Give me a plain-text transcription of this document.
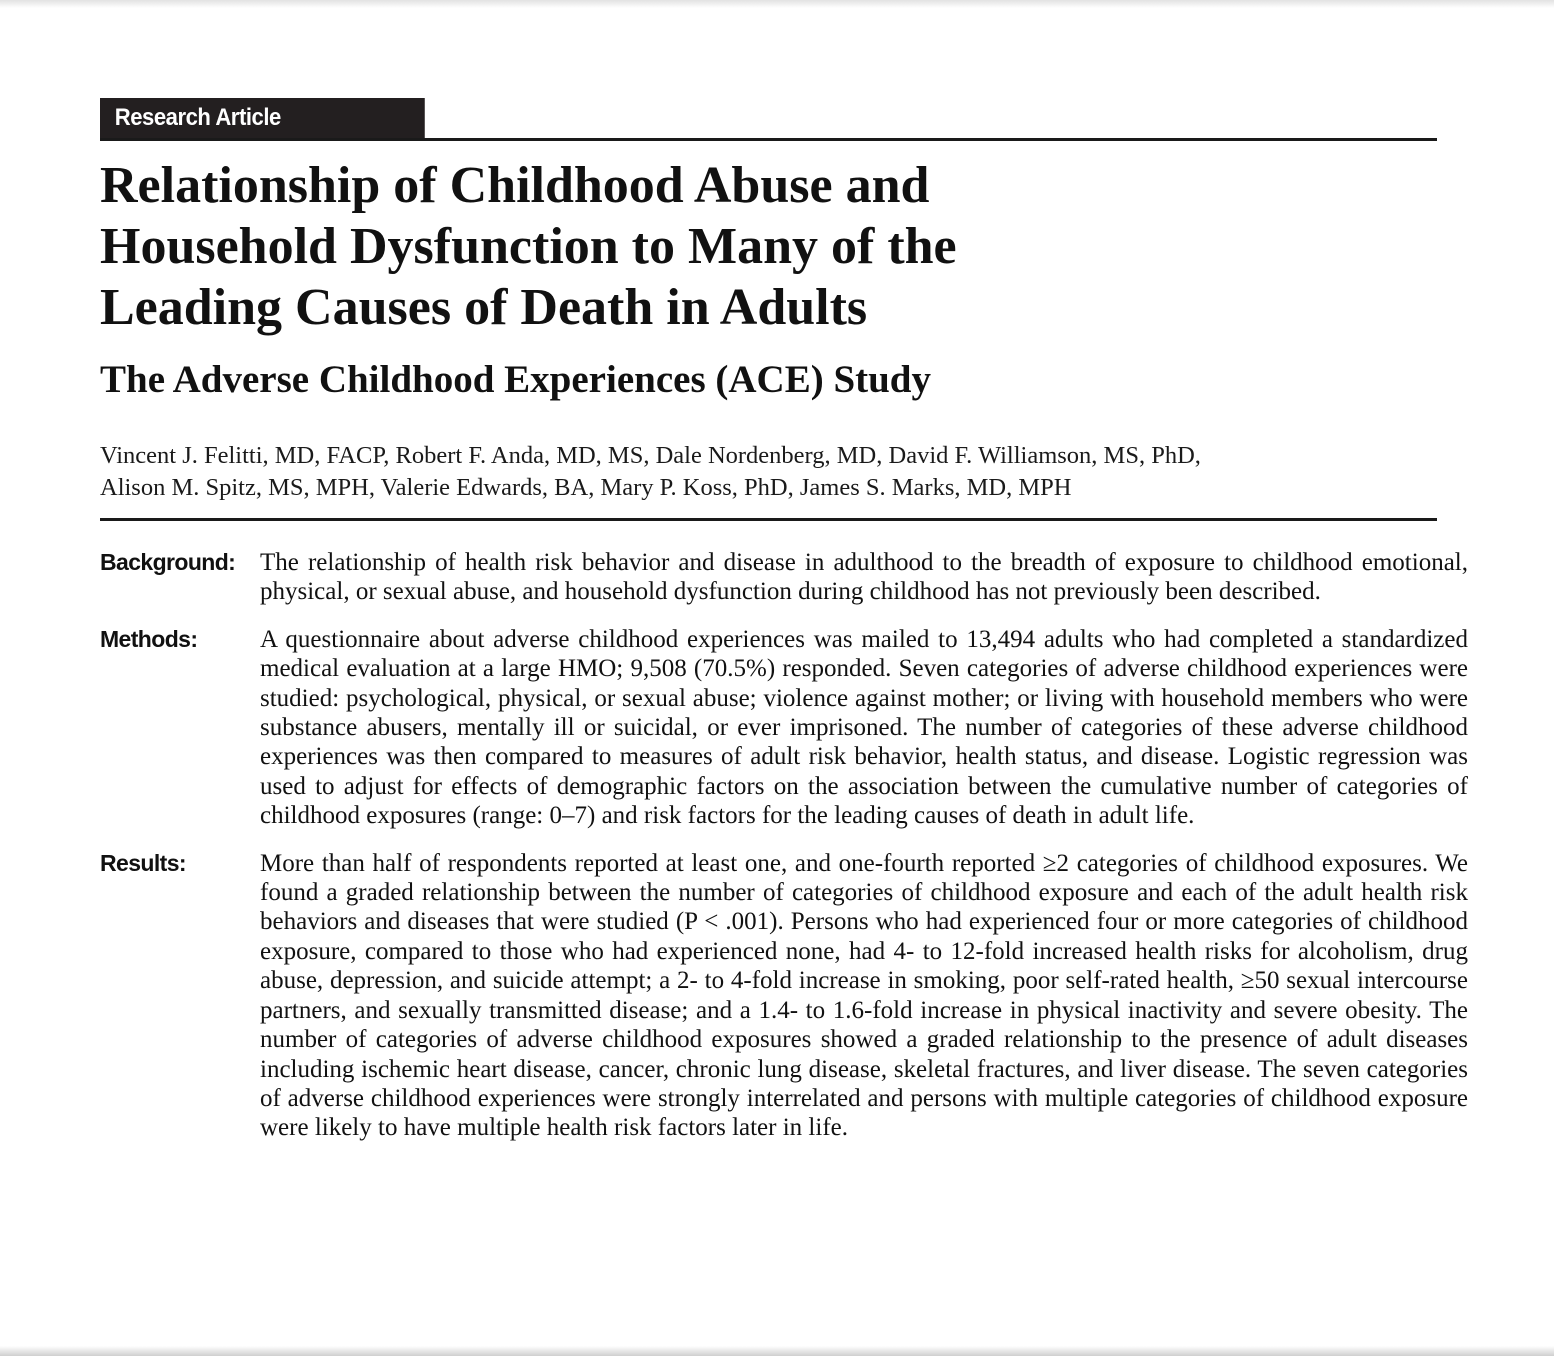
Research Article
Relationship of Childhood Abuse and
Household Dysfunction to Many of the
Leading Causes of Death in Adults
The Adverse Childhood Experiences (ACE) Study
Vincent J. Felitti, MD, FACP, Robert F. Anda, MD, MS, Dale Nordenberg, MD, David F. Williamson, MS, PhD,
Alison M. Spitz, MS, MPH, Valerie Edwards, BA, Mary P. Koss, PhD, James S. Marks, MD, MPH
Background: The relationship of health risk behavior and disease in adulthood to the breadth of exposure to childhood emotional, physical, or sexual abuse, and household dysfunction during childhood has not previously been described.

Methods:	A questionnaire about adverse childhood experiences was mailed to 13,494 adults who had completed a standardized medical evaluation at a large HMO; 9,508 (70.5%) responded. Seven categories of adverse childhood experiences were studied: psychological, physical, or sexual abuse; violence against mother; or living with household members who were substance abusers, mentally ill or suicidal, or ever imprisoned. The number of categories of these adverse childhood experiences was then compared to measures of adult risk behavior, health status, and disease. Logistic regression was used to adjust for effects of demographic factors on the association between the cumulative number of categories of childhood exposures (range: 0–7) and risk factors for the leading causes of death in adult life.

Results:	More than half of respondents reported at least one, and one-fourth reported ≥2 categories of childhood exposures. We found a graded relationship between the number of categories of childhood exposure and each of the adult health risk behaviors and diseases that were studied (P < .001). Persons who had experienced four or more categories of childhood exposure, compared to those who had experienced none, had 4- to 12-fold increased health risks for alcoholism, drug abuse, depression, and suicide attempt; a 2- to 4-fold increase in smoking, poor self-rated health, ≥50 sexual intercourse partners, and sexually transmitted disease; and a 1.4- to 1.6-fold increase in physical inactivity and severe obesity. The number of categories of adverse childhood exposures showed a graded relationship to the presence of adult diseases including ischemic heart disease, cancer, chronic lung disease, skeletal fractures, and liver disease. The seven categories of adverse childhood experiences were strongly interrelated and persons with multiple categories of childhood exposure were likely to have multiple health risk factors later in life.
